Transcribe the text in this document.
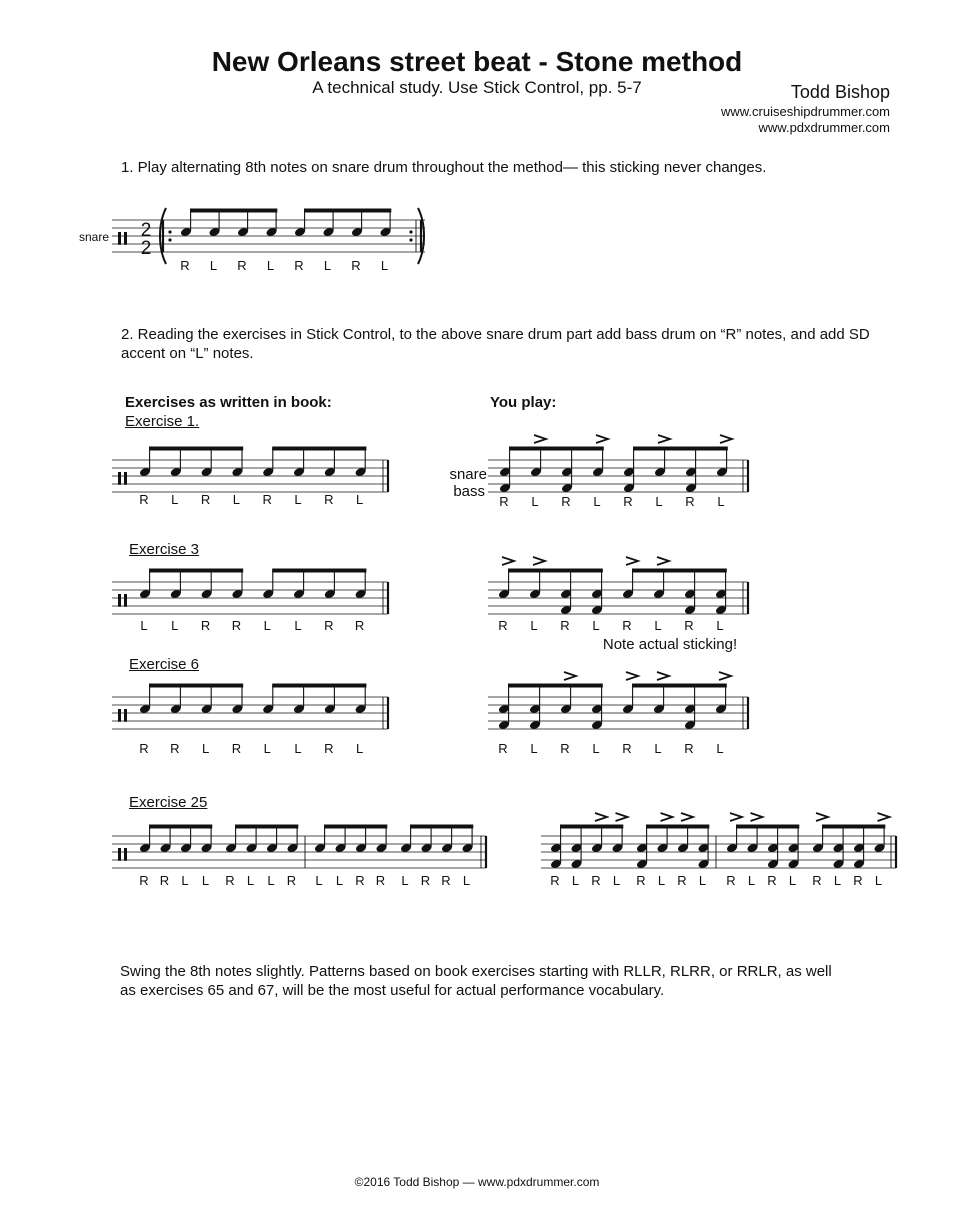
New Orleans street beat - Stone method
A technical study. Use Stick Control, pp. 5-7	Todd Bishop
www.cruiseshipdrummer.com
www.pdxdrummer.com
1. Play alternating 8th notes on snare drum throughout the method— this sticking never changes.
2. Reading the exercises in Stick Control, to the above snare drum part add bass drum on “R” notes, and add SD accent on “L” notes.
Exercises as written in book:	You play:
Exercise 1.
Exercise 3
Exercise 6
Exercise 25
snare 2
2
R L R L R L R L
R L R L R L R L	R L R L R L R L
snare
bass
L L R R L L R R	R L R L R L R L
Note actual sticking!
R R L R L L R L	R L R L R L R L
R R L L R L L R L L R R L R R L	R L R L R L R L R L R L R L R L
Swing the 8th notes slightly. Patterns based on book exercises starting with RLLR, RLRR, or RRLR, as well as exercises 65 and 67, will be the most useful for actual performance vocabulary.
©2016 Todd Bishop — www.pdxdrummer.com
